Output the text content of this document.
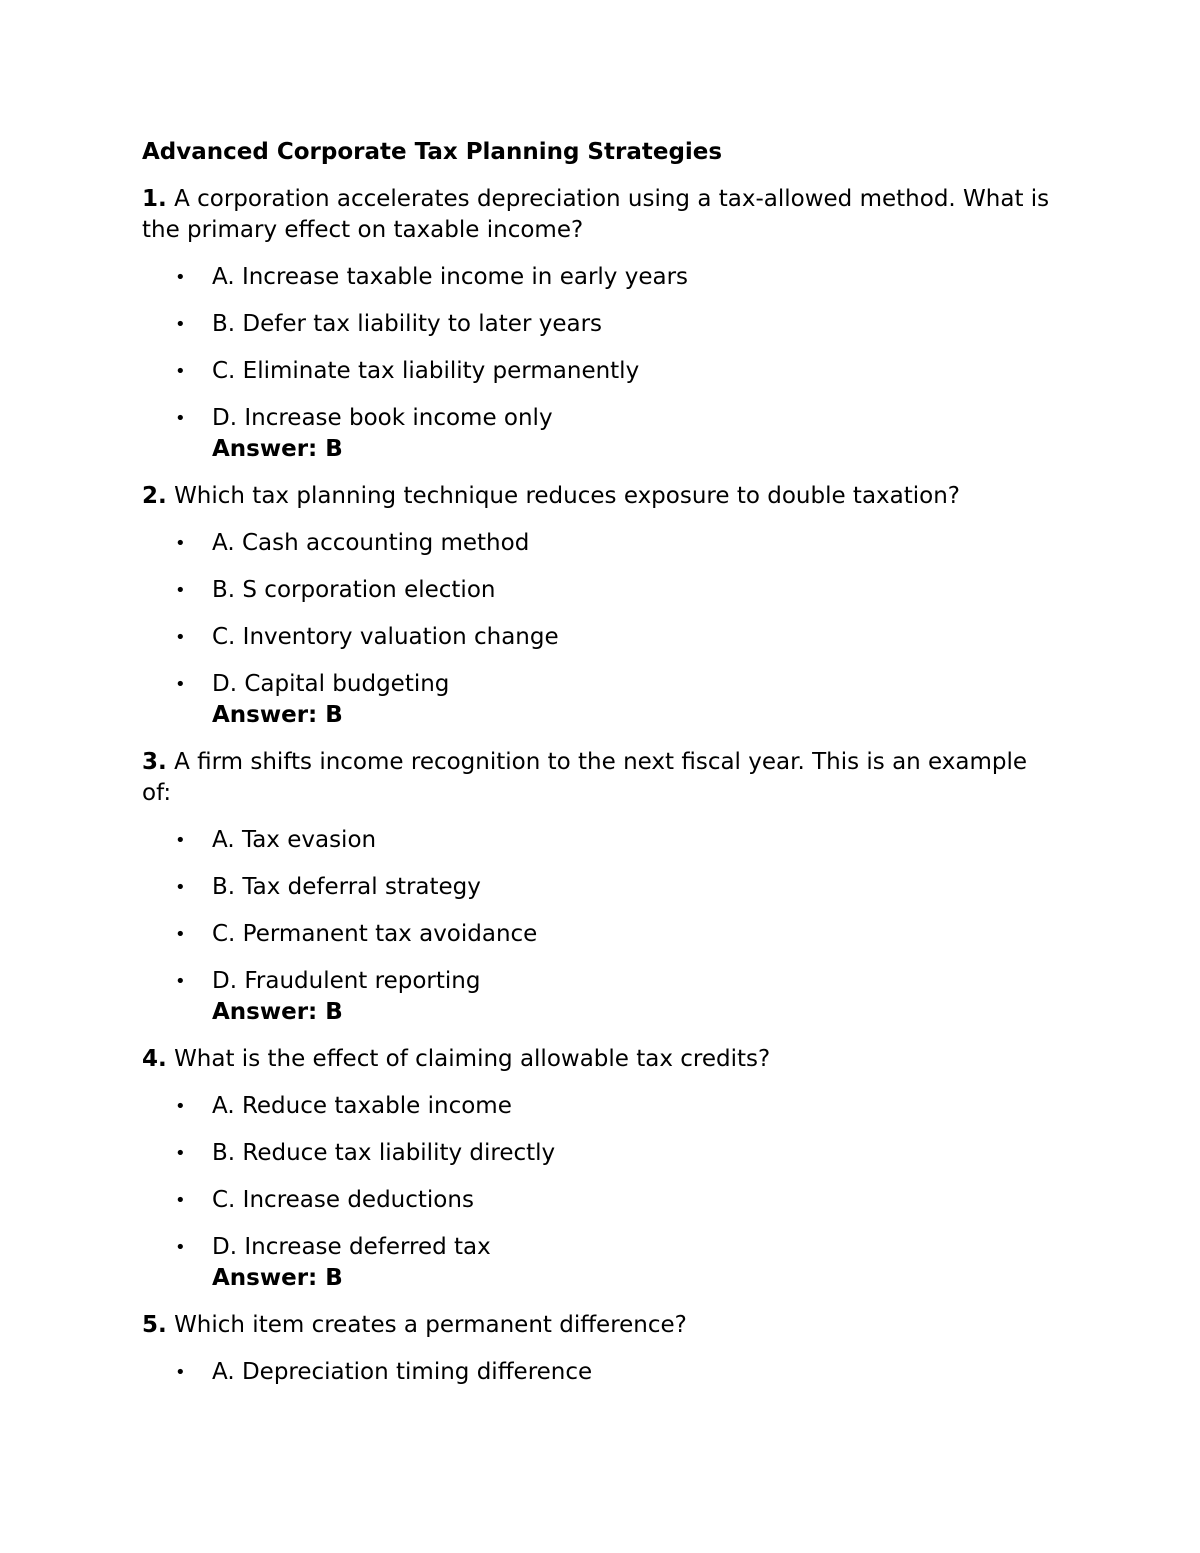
Advanced Corporate Tax Planning Strategies
1. A corporation accelerates depreciation using a tax-allowed method. What is the primary effect on taxable income?
• A. Increase taxable income in early years
• B. Defer tax liability to later years
• C. Eliminate tax liability permanently
• D. Increase book income only
Answer: B
2. Which tax planning technique reduces exposure to double taxation?
• A. Cash accounting method
• B. S corporation election
• C. Inventory valuation change
• D. Capital budgeting
Answer: B
3. A firm shifts income recognition to the next fiscal year. This is an example of:
• A. Tax evasion
• B. Tax deferral strategy
• C. Permanent tax avoidance
• D. Fraudulent reporting
Answer: B
4. What is the effect of claiming allowable tax credits?
• A. Reduce taxable income
• B. Reduce tax liability directly
• C. Increase deductions
• D. Increase deferred tax
Answer: B
5. Which item creates a permanent difference?
• A. Depreciation timing difference
